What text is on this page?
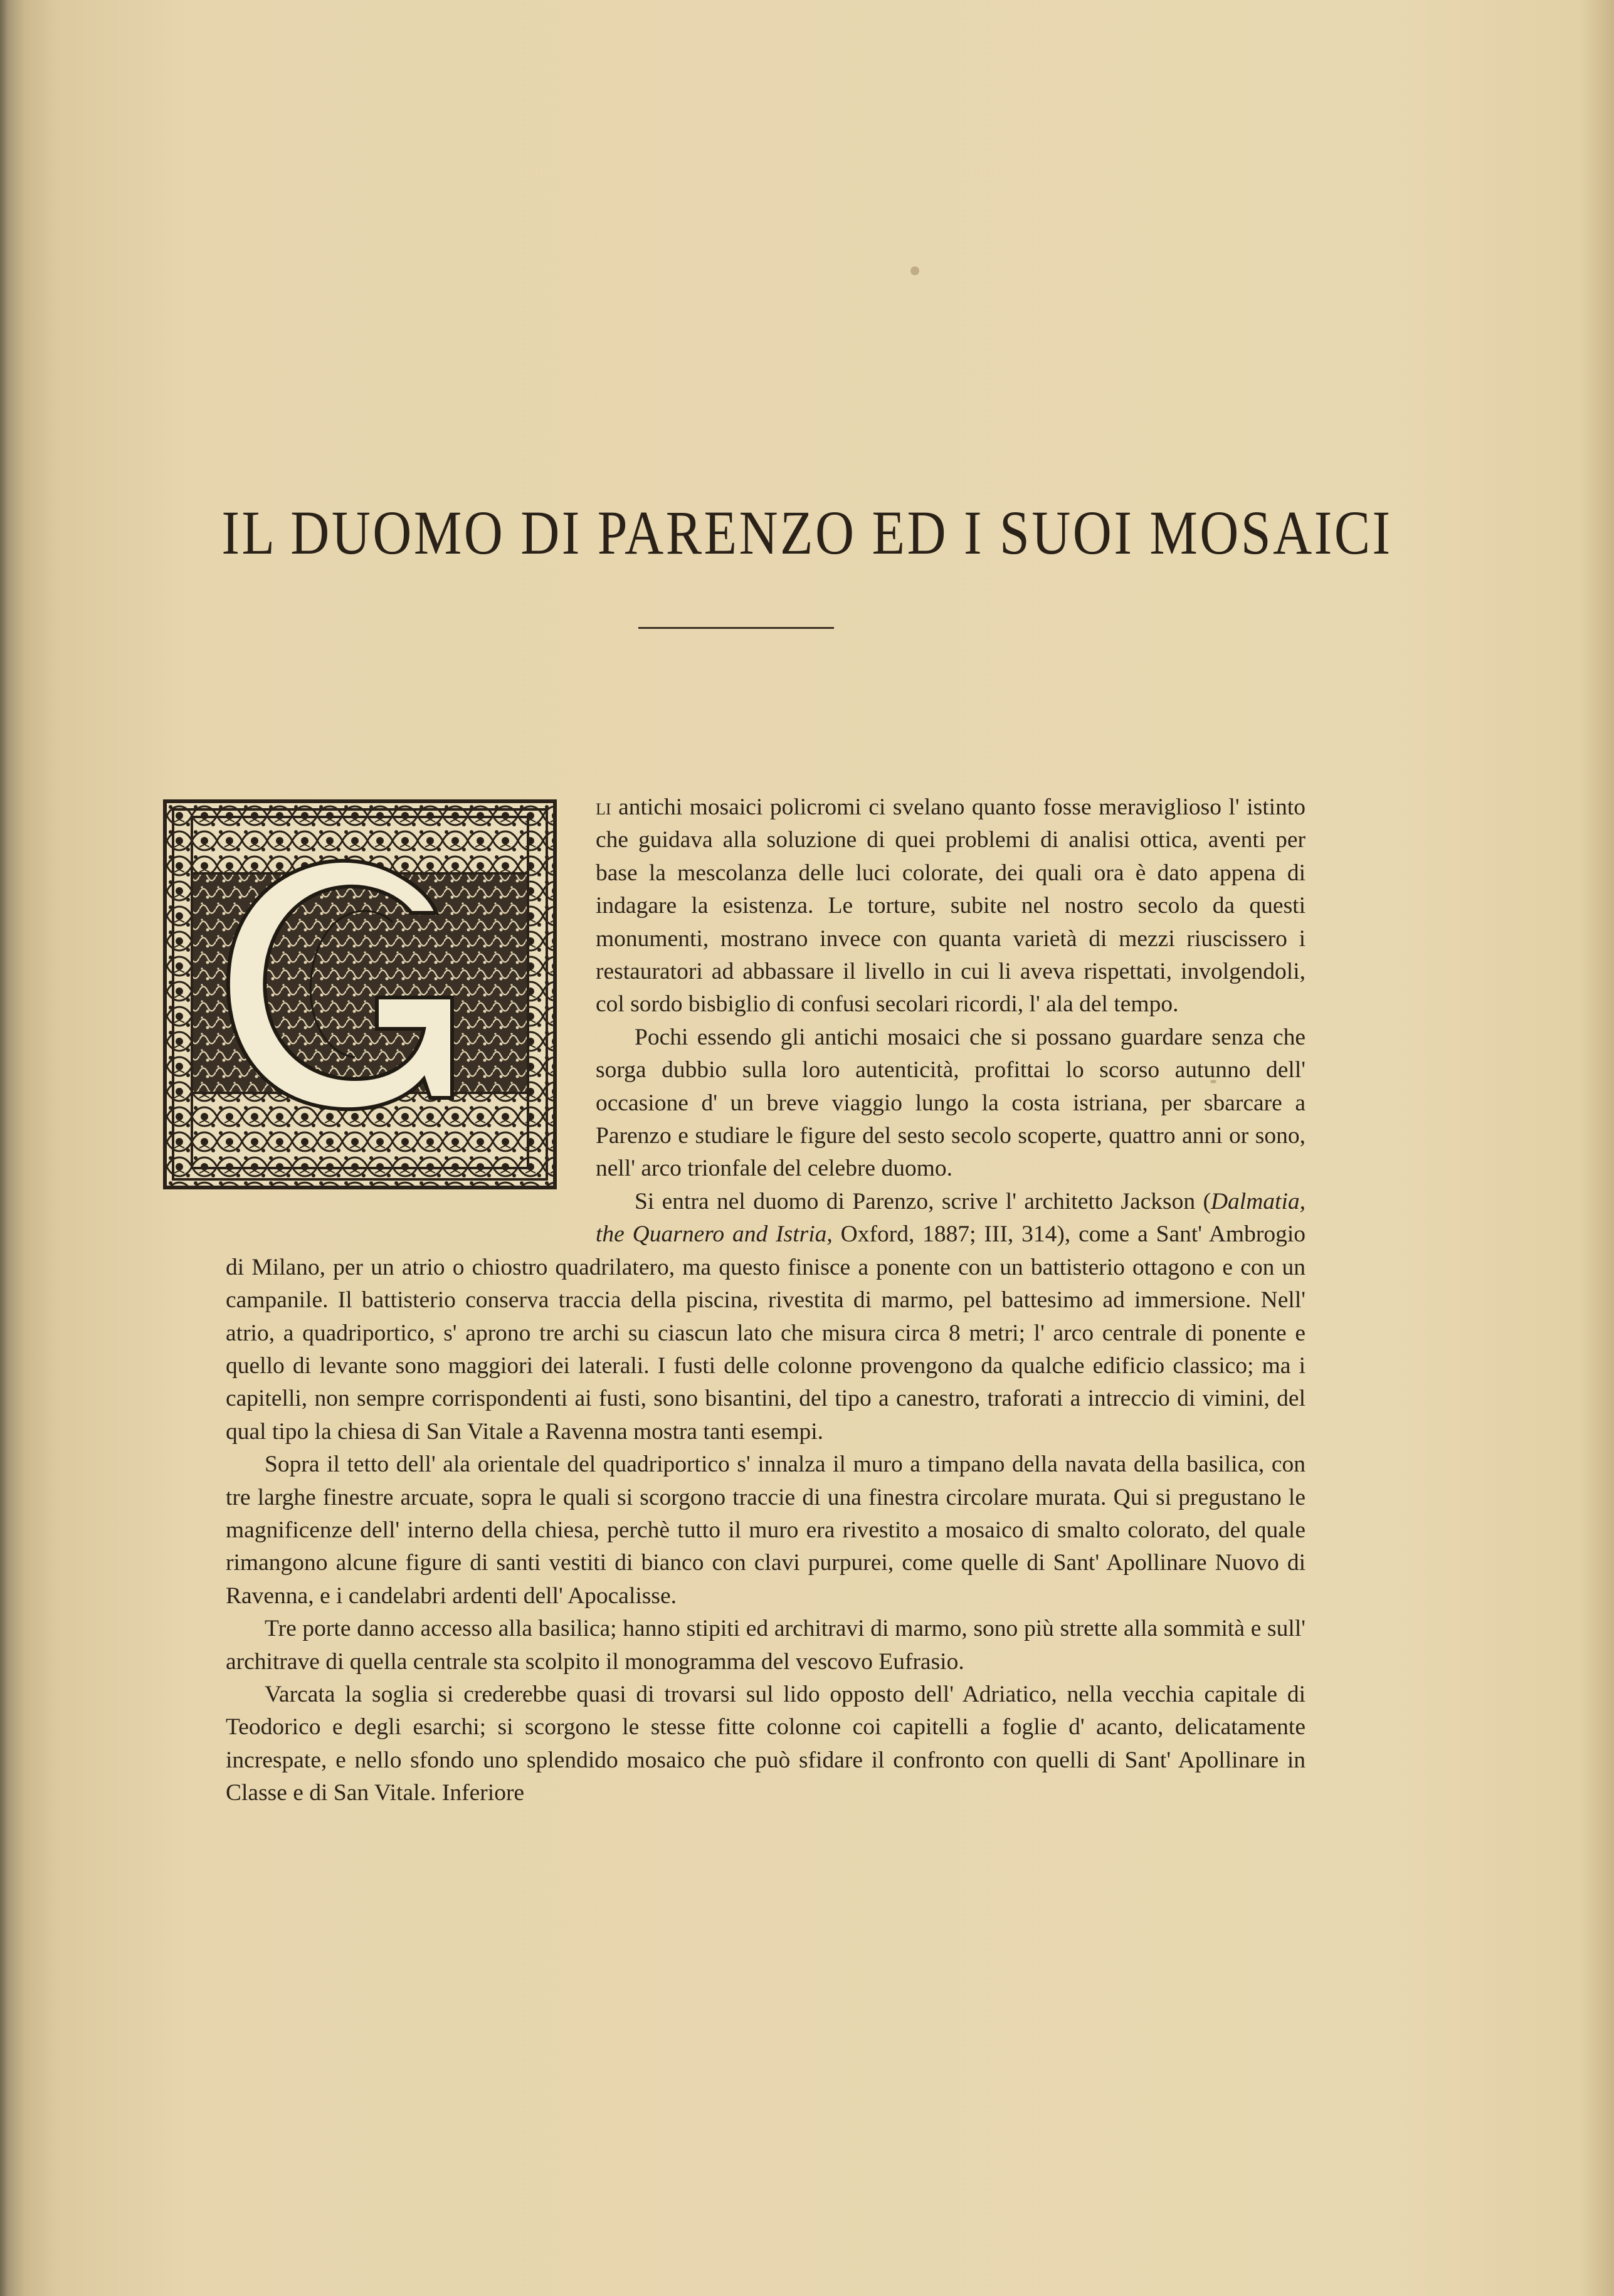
IL DUOMO DI PARENZO ED I SUOI MOSAICI

li antichi mosaici policromi ci svelano quanto fosse meraviglioso l' istinto che guidava alla soluzione di quei problemi di analisi ottica, aventi per base la mescolanza delle luci colorate, dei quali ora è dato appena di indagare la esistenza. Le torture, subite nel nostro secolo da questi monumenti, mostrano invece con quanta varietà di mezzi riuscissero i restauratori ad abbassare il livello in cui li aveva rispettati, involgendoli, col sordo bisbiglio di confusi secolari ricordi, l' ala del tempo.

Pochi essendo gli antichi mosaici che si possano guardare senza che sorga dubbio sulla loro autenticità, profittai lo scorso autunno dell' occasione d' un breve viaggio lungo la costa istriana, per sbarcare a Parenzo e studiare le figure del sesto secolo scoperte, quattro anni or sono, nell' arco trionfale del celebre duomo.

Si entra nel duomo di Parenzo, scrive l' architetto Jackson (Dalmatia, the Quarnero and Istria, Oxford, 1887; III, 314), come a Sant' Ambrogio di Milano, per un atrio o chiostro quadrilatero, ma questo finisce a ponente con un battisterio ottagono e con un campanile. Il battisterio conserva traccia della piscina, rivestita di marmo, pel battesimo ad immersione. Nell' atrio, a quadriportico, s' aprono tre archi su ciascun lato che misura circa 8 metri; l' arco centrale di ponente e quello di levante sono maggiori dei laterali. I fusti delle colonne provengono da qualche edificio classico; ma i capitelli, non sempre corrispondenti ai fusti, sono bisantini, del tipo a canestro, traforati a intreccio di vimini, del qual tipo la chiesa di San Vitale a Ravenna mostra tanti esempi.

Sopra il tetto dell' ala orientale del quadriportico s' innalza il muro a timpano della navata della basilica, con tre larghe finestre arcuate, sopra le quali si scorgono traccie di una finestra circolare murata. Qui si pregustano le magnificenze dell' interno della chiesa, perchè tutto il muro era rivestito a mosaico di smalto colorato, del quale rimangono alcune figure di santi vestiti di bianco con clavi purpurei, come quelle di Sant' Apollinare Nuovo di Ravenna, e i candelabri ardenti dell' Apocalisse.

Tre porte danno accesso alla basilica; hanno stipiti ed architravi di marmo, sono più strette alla sommità e sull' architrave di quella centrale sta scolpito il monogramma del vescovo Eufrasio.

Varcata la soglia si crederebbe quasi di trovarsi sul lido opposto dell' Adriatico, nella vecchia capitale di Teodorico e degli esarchi; si scorgono le stesse fitte colonne coi capitelli a foglie d' acanto, delicatamente increspate, e nello sfondo uno splendido mosaico che può sfidare il confronto con quelli di Sant' Apollinare in Classe e di San Vitale. Inferiore
